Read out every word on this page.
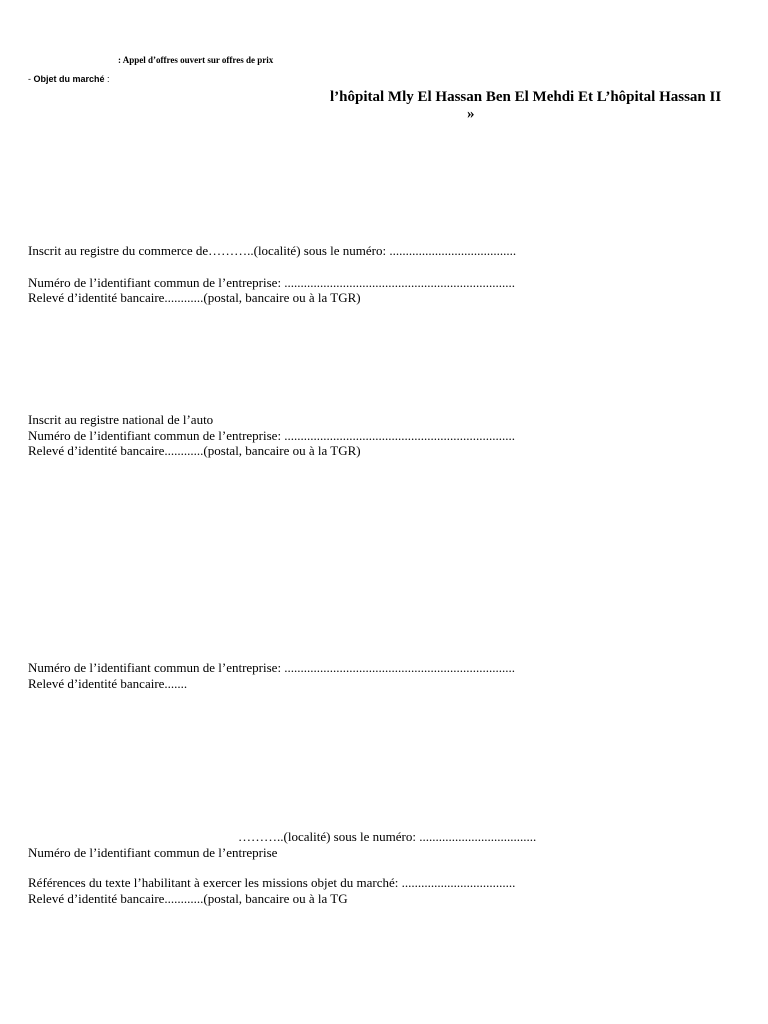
: Appel d’offres ouvert sur offres de prix
- Objet du marché :
l’hôpital Mly El Hassan Ben El Mehdi Et L’hôpital Hassan II
»
Inscrit au registre du commerce de………..(localité) sous le numéro: .......................................
Numéro de l’identifiant commun de l’entreprise: .......................................................................
Relevé d’identité bancaire............(postal, bancaire ou à la TGR)
Inscrit au registre national de l’auto
Numéro de l’identifiant commun de l’entreprise: .......................................................................
Relevé d’identité bancaire............(postal, bancaire ou à la TGR)
Numéro de l’identifiant commun de l’entreprise: .......................................................................
Relevé d’identité bancaire.......
………..(localité) sous le numéro: ....................................
Numéro de l’identifiant commun de l’entreprise
Références du texte l’habilitant à exercer les missions objet du marché: ...................................
Relevé d’identité bancaire............(postal, bancaire ou à la TG
